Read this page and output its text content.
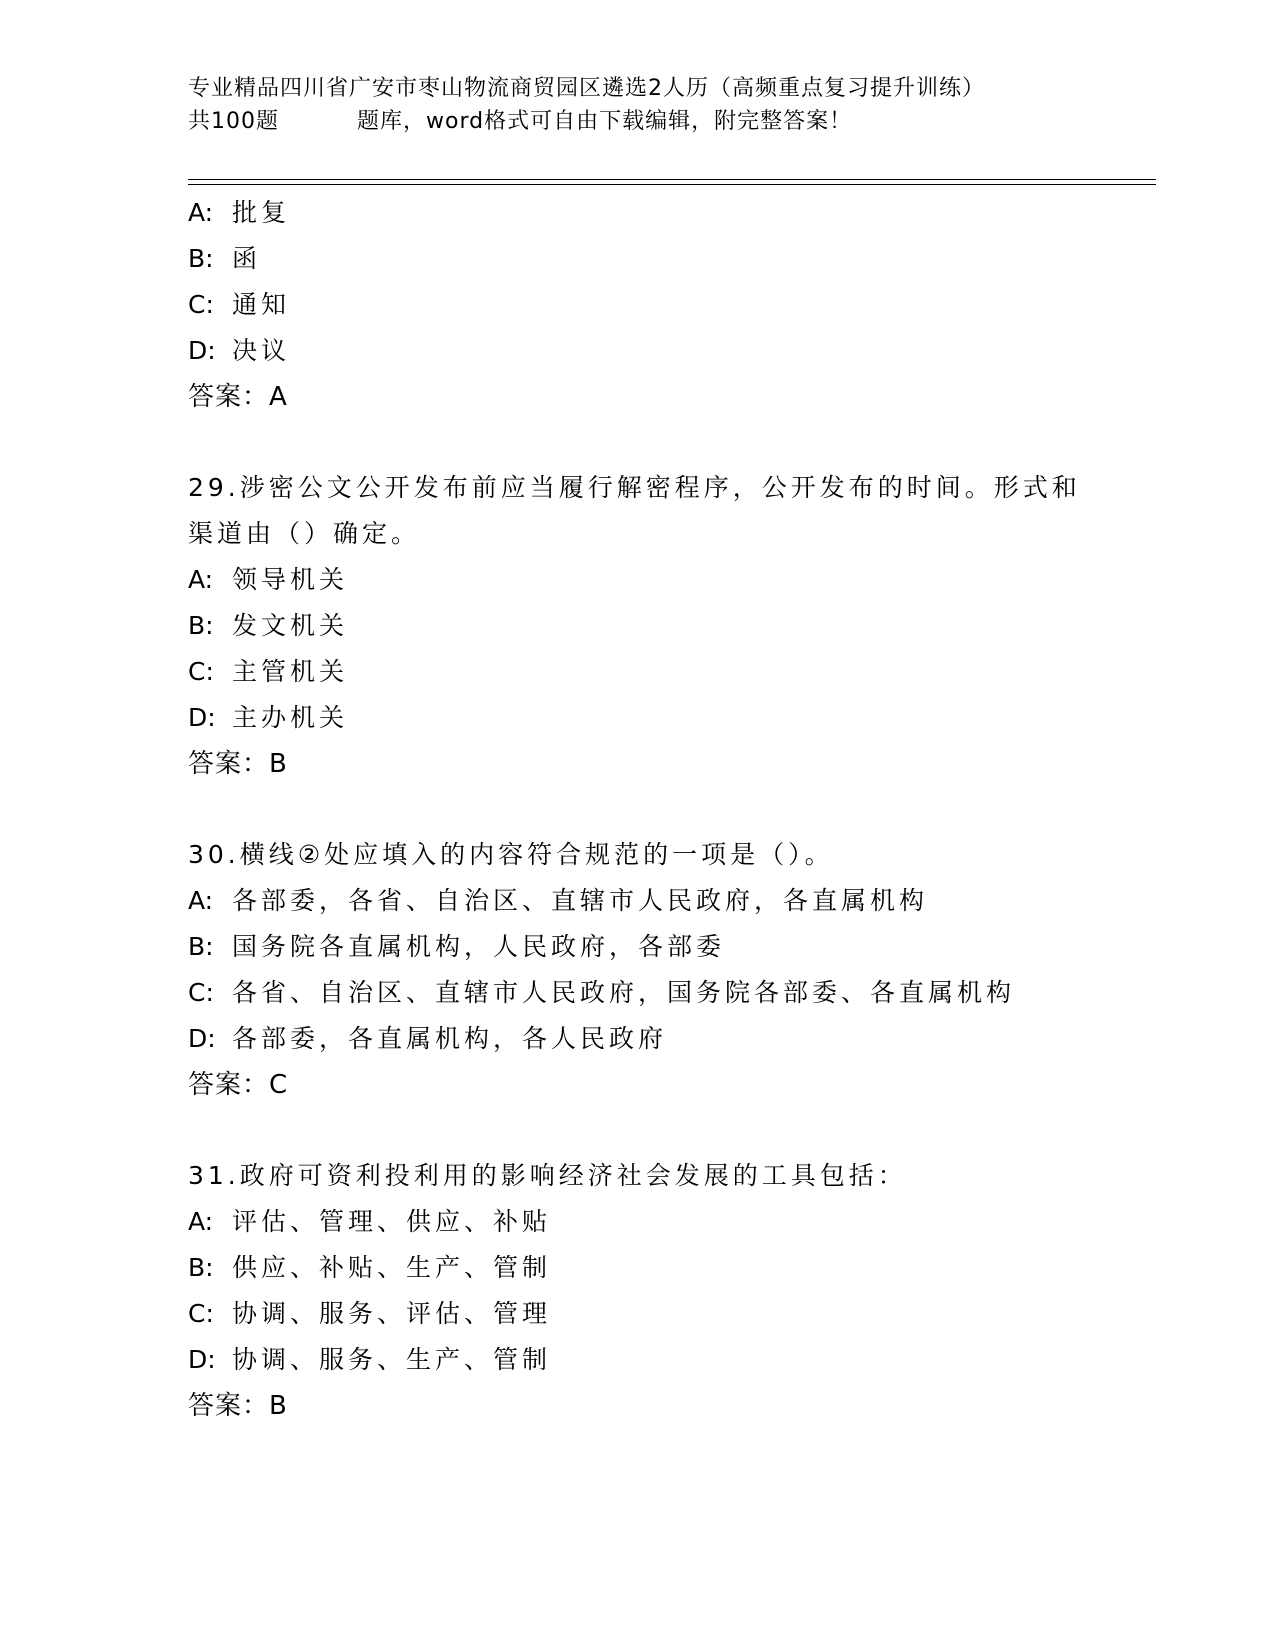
专业精品四川省广安市枣山物流商贸园区遴选2人历（高频重点复习提升训练）
共100题	题库，word格式可自由下载编辑，附完整答案！
A: 批复
B: 函
C: 通知
D: 决议
答案：A
29.涉密公文公开发布前应当履行解密程序，公开发布的时间。形式和
渠道由（）确定。
A: 领导机关
B: 发文机关
C: 主管机关
D: 主办机关
答案：B
30.横线②处应填入的内容符合规范的一项是（）。
A: 各部委，各省、自治区、直辖市人民政府，各直属机构
B: 国务院各直属机构，人民政府，各部委
C: 各省、自治区、直辖市人民政府，国务院各部委、各直属机构
D: 各部委，各直属机构，各人民政府
答案：C
31.政府可资利投利用的影响经济社会发展的工具包括：
A: 评估、管理、供应、补贴
B: 供应、补贴、生产、管制
C: 协调、服务、评估、管理
D: 协调、服务、生产、管制
答案：B
